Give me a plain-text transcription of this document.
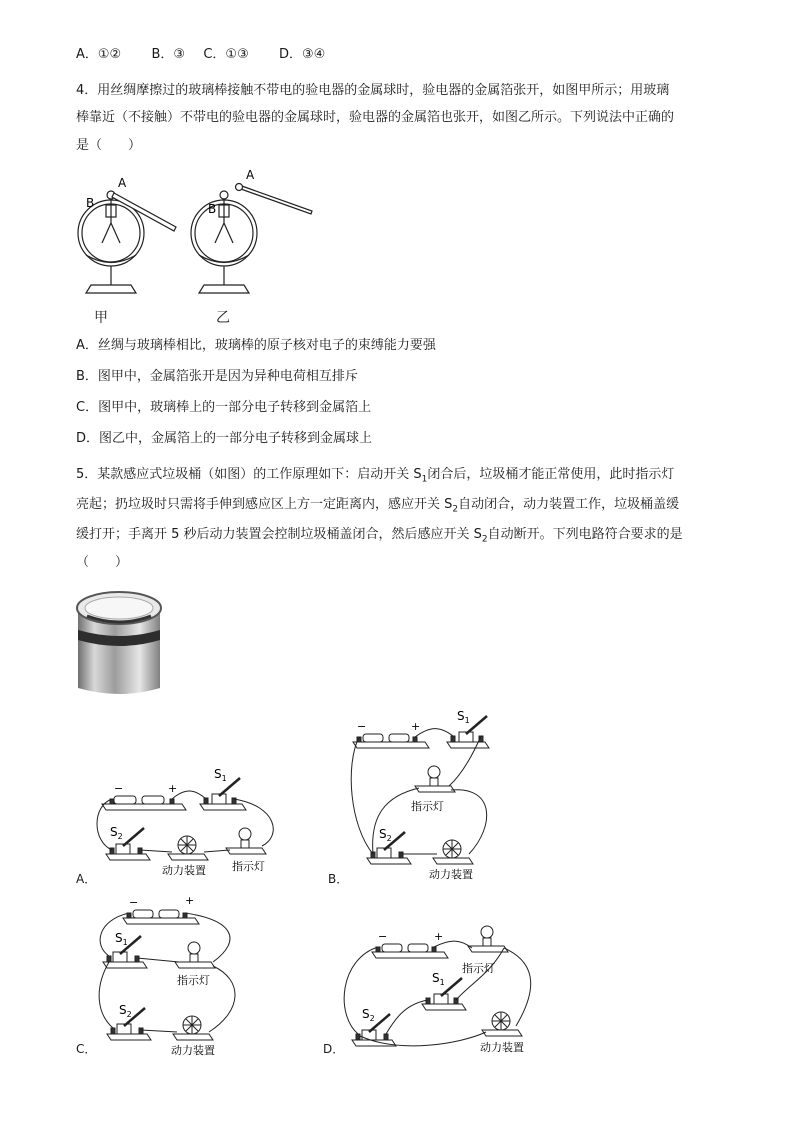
A．①② B．③ C．①③ D．③④
4．用丝绸摩擦过的玻璃棒接触不带电的验电器的金属球时，验电器的金属箔张开，如图甲所示；用玻璃
棒靠近（不接触）不带电的验电器的金属球时，验电器的金属箔也张开，如图乙所示。下列说法中正确的
是（　　）
A
B
A
B
甲	乙
A．丝绸与玻璃棒相比，玻璃棒的原子核对电子的束缚能力要强
B．图甲中，金属箔张开是因为异种电荷相互排斥
C．图甲中，玻璃棒上的一部分电子转移到金属箔上
D．图乙中，金属箔上的一部分电子转移到金属球上
5．某款感应式垃圾桶（如图）的工作原理如下：启动开关 $S_1$闭合后，垃圾桶才能正常使用，此时指示灯
亮起；扔垃圾时只需将手伸到感应区上方一定距离内，感应开关 $S_2$自动闭合，动力装置工作，垃圾桶盖缓
缓打开；手离开 5 秒后动力装置会控制垃圾桶盖闭合，然后感应开关 $S_2$自动断开。下列电路符合要求的是
（　　）
−	+
$S_1$
$S_2$
动力装置 指示灯
A．
−	+
$S_1$
指示灯
$S_2$
动力装置
B．
−	+
$S_1$
指示灯
$S_2$
动力装置
C．
−	+
指示灯
$S_1$
$S_2$
动力装置
D．
